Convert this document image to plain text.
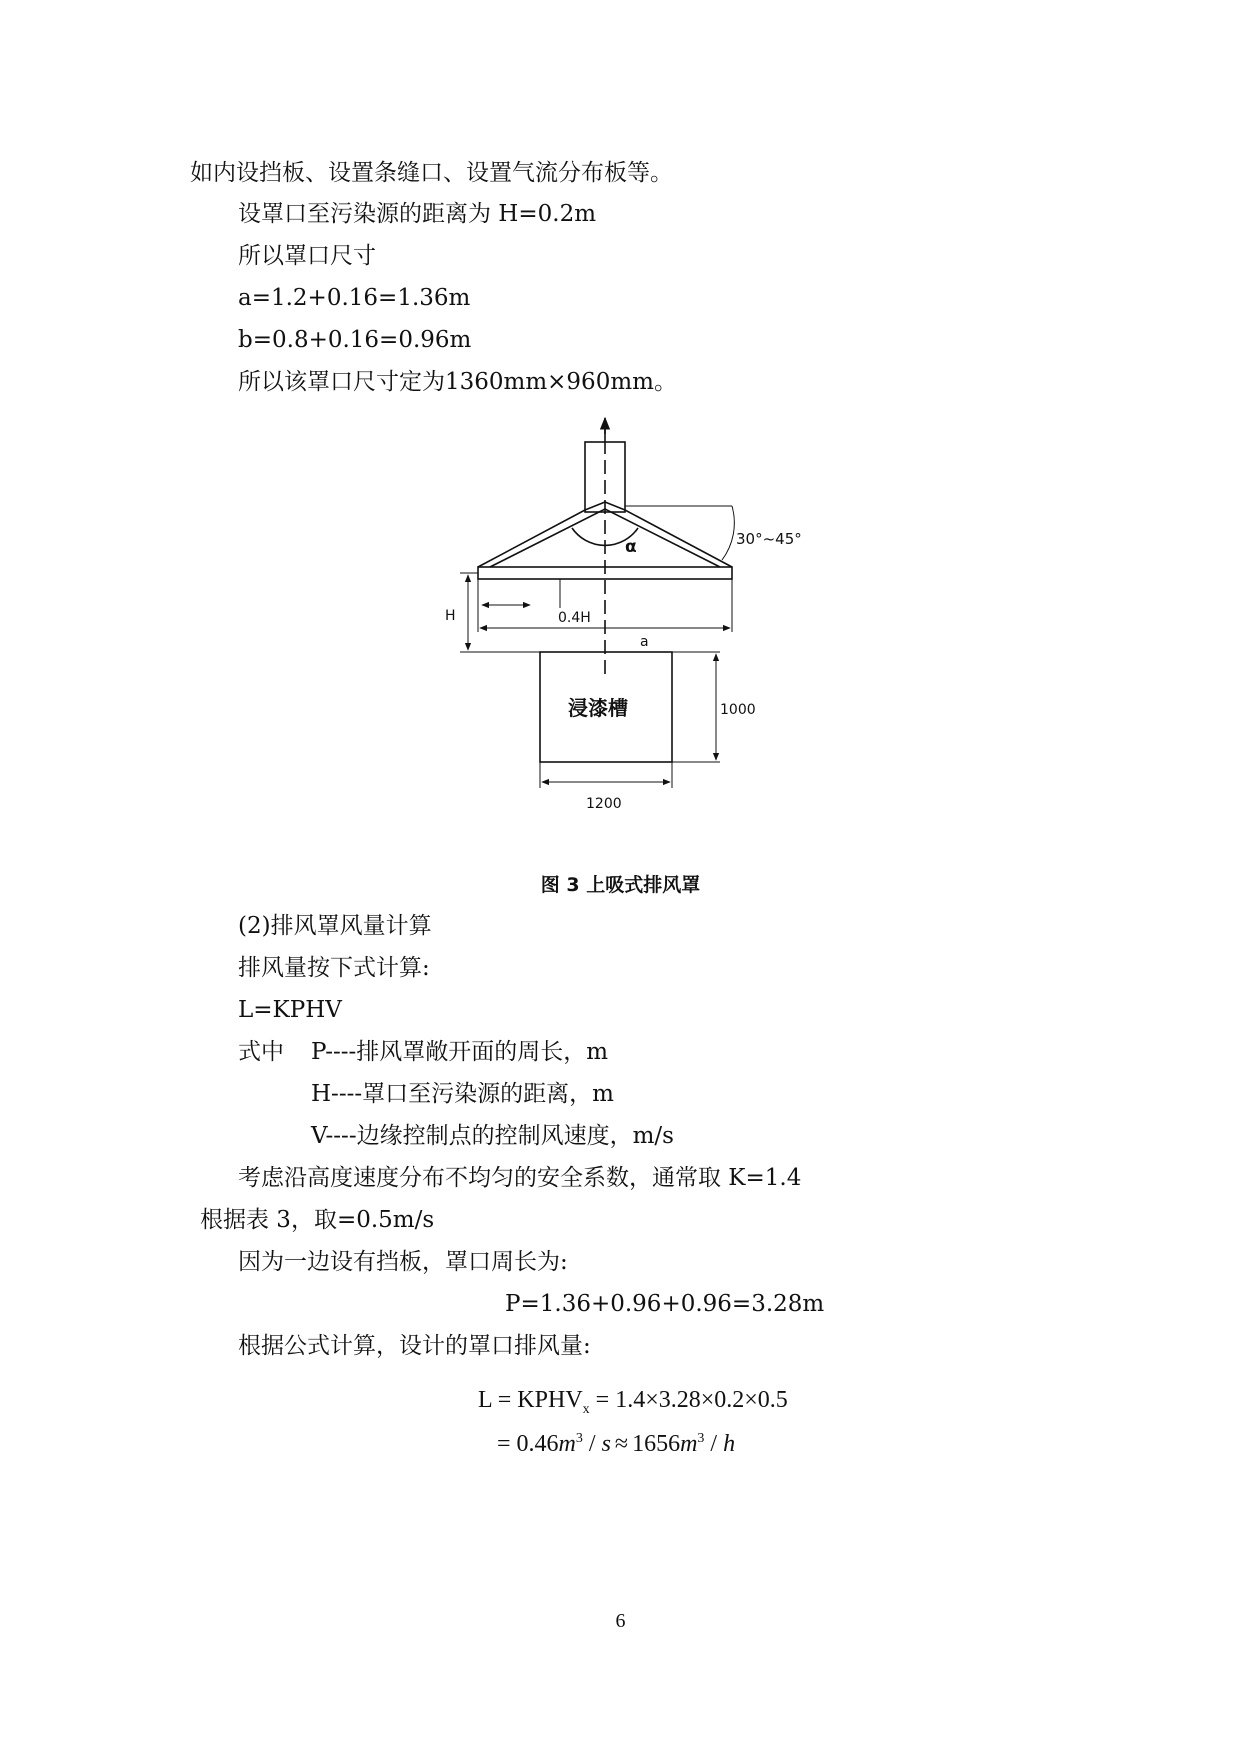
如内设挡板、设置条缝口、设置气流分布板等。
设罩口至污染源的距离为 H=0.2m
所以罩口尺寸
a=1.2+0.16=1.36m
b=0.8+0.16=0.96m
所以该罩口尺寸定为1360mm×960mm。
30°~45°
α
H	0.4H
a
浸漆槽	1000
1200
图 3 上吸式排风罩
(2)排风罩风量计算
排风量按下式计算:
L=KPHV
式中 P----排风罩敞开面的周长，m
H----罩口至污染源的距离，m
V----边缘控制点的控制风速度，m/s
考虑沿高度速度分布不均匀的安全系数，通常取 K=1.4
根据表 3，取=0.5m/s
因为一边设有挡板，罩口周长为:
P=1.36+0.96+0.96=3.28m
根据公式计算，设计的罩口排风量:
$L = KPHV_x = 1.4\times 3.28\times 0.2\times 0.5$
= $0.46m^3 / s \approx 1656m^3 / h$
6
